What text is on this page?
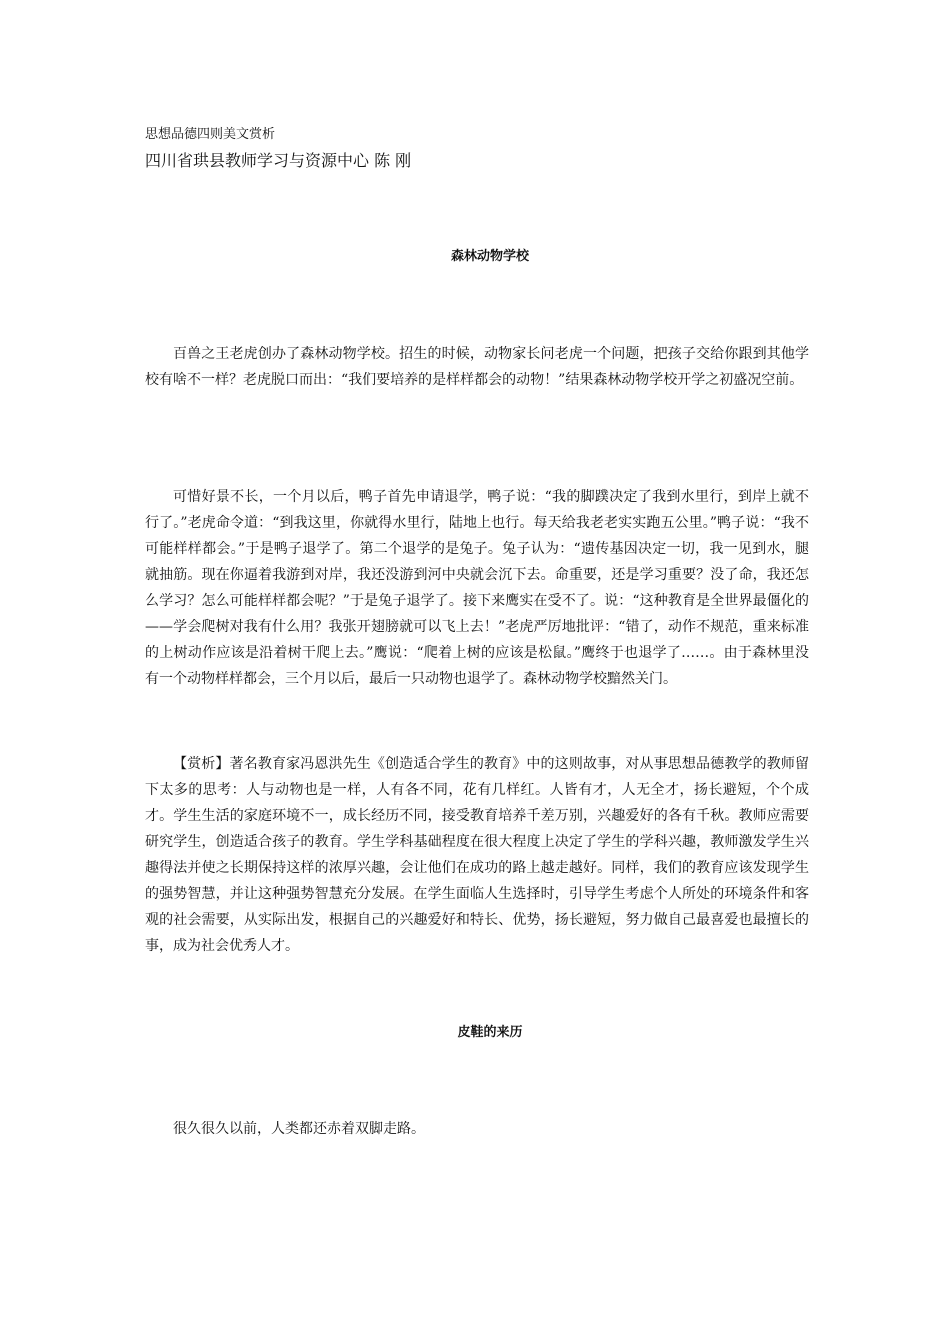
思想品德四则美文赏析
四川省珙县教师学习与资源中心 陈 刚
森林动物学校

百兽之王老虎创办了森林动物学校。招生的时候，动物家长问老虎一个问题，把孩子交给你跟到其他学校有啥不一样？老虎脱口而出：“我们要培养的是样样都会的动物！”结果森林动物学校开学之初盛况空前。

可惜好景不长，一个月以后，鸭子首先申请退学，鸭子说：“我的脚蹼决定了我到水里行，到岸上就不行了。”老虎命令道：“到我这里，你就得水里行，陆地上也行。每天给我老老实实跑五公里。”鸭子说：“我不可能样样都会。”于是鸭子退学了。第二个退学的是兔子。兔子认为：“遗传基因决定一切，我一见到水，腿就抽筋。现在你逼着我游到对岸，我还没游到河中央就会沉下去。命重要，还是学习重要？没了命，我还怎么学习？怎么可能样样都会呢？”于是兔子退学了。接下来鹰实在受不了。说：“这种教育是全世界最僵化的——学会爬树对我有什么用？我张开翅膀就可以飞上去！”老虎严厉地批评：“错了，动作不规范，重来标准的上树动作应该是沿着树干爬上去。”鹰说：“爬着上树的应该是松鼠。”鹰终于也退学了……。由于森林里没有一个动物样样都会，三个月以后，最后一只动物也退学了。森林动物学校黯然关门。

【赏析】著名教育家冯恩洪先生《创造适合学生的教育》中的这则故事，对从事思想品德教学的教师留下太多的思考：人与动物也是一样，人有各不同，花有几样红。人皆有才，人无全才，扬长避短，个个成才。学生生活的家庭环境不一，成长经历不同，接受教育培养千差万别，兴趣爱好的各有千秋。教师应需要研究学生，创造适合孩子的教育。学生学科基础程度在很大程度上决定了学生的学科兴趣，教师激发学生兴趣得法并使之长期保持这样的浓厚兴趣，会让他们在成功的路上越走越好。同样，我们的教育应该发现学生的强势智慧，并让这种强势智慧充分发展。在学生面临人生选择时，引导学生考虑个人所处的环境条件和客观的社会需要，从实际出发，根据自己的兴趣爱好和特长、优势，扬长避短，努力做自己最喜爱也最擅长的事，成为社会优秀人才。

皮鞋的来历

很久很久以前，人类都还赤着双脚走路。
